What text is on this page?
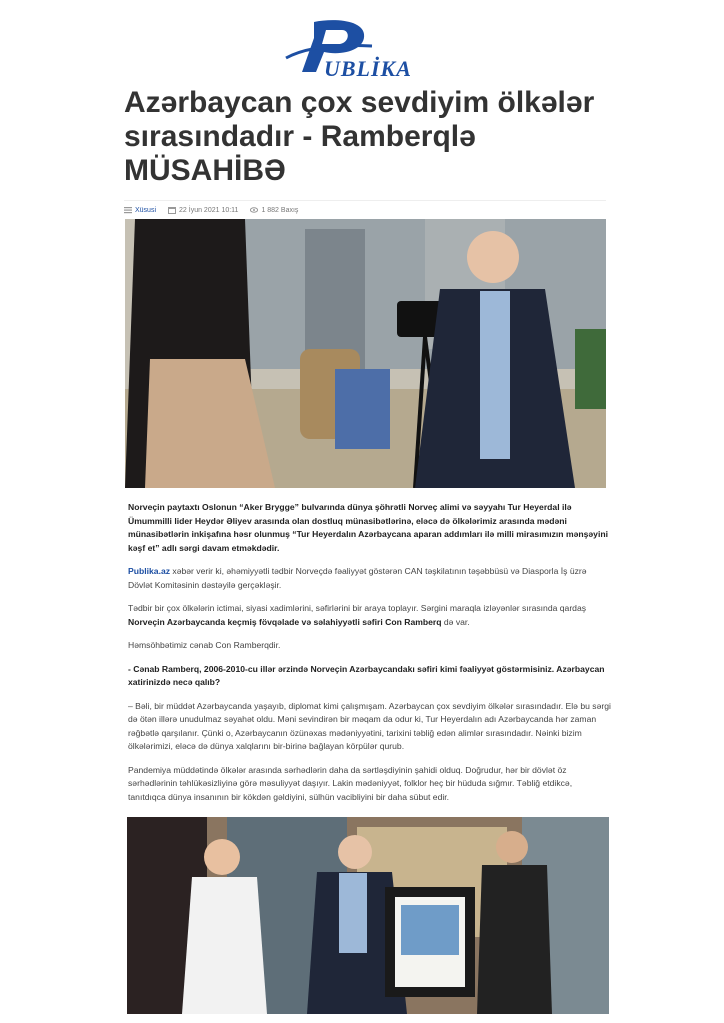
UBLİKA
Azərbaycan çox sevdiyim ölkələr sırasındadır - Ramberqlə MÜSAHİBƏ
Xüsusi	22 İyun 2021 10:11	1 882 Baxış

Norveçin paytaxtı Oslonun “Aker Brygge” bulvarında dünya şöhrətli Norveç alimi və səyyahı Tur Heyerdal ilə Ümummilli lider Heydər Əliyev arasında olan dostluq münasibətlərinə, eləcə də ölkələrimiz arasında mədəni münasibətlərin inkişafına həsr olunmuş “Tur Heyerdalın Azərbaycana aparan addımları ilə milli mirasımızın mənşəyini kəşf et” adlı sərgi davam etməkdədir.

Publika.az xəbər verir ki, əhəmiyyətli tədbir Norveçdə fəaliyyət göstərən CAN təşkilatının təşəbbüsü və Diasporla İş üzrə Dövlət Komitəsinin dəstəyilə gerçəkləşir.

Tədbir bir çox ölkələrin ictimai, siyasi xadimlərini, səfirlərini bir araya toplayır. Sərgini maraqla izləyənlər sırasında qardaş Norveçin Azərbaycanda keçmiş fövqəlade və səlahiyyətli səfiri Con Ramberq də var.

Həmsöhbətimiz cənab Con Ramberqdir.

- Cənab Ramberq, 2006-2010-cu illər ərzində Norveçin Azərbaycandakı səfiri kimi fəaliyyət göstərmisiniz. Azərbaycan xatirinizdə necə qalıb?

– Bəli, bir müddət Azərbaycanda yaşayıb, diplomat kimi çalışmışam. Azərbaycan çox sevdiyim ölkələr sırasındadır. Elə bu sərgi də ötən illərə unudulmaz səyahət oldu. Məni sevindirən bir məqam da odur ki, Tur Heyerdalın adı Azərbaycanda hər zaman rəğbətlə qarşılanır. Çünki o, Azərbaycanın özünəxas mədəniyyətini, tarixini təbliğ edən alimlər sırasındadır. Nəinki bizim ölkələrimizi, eləcə də dünya xalqlarını bir-birinə bağlayan körpülər qurub.

Pandemiya müddətində ölkələr arasında sərhədlərin daha da sərtləşdiyinin şahidi olduq. Doğrudur, hər bir dövlət öz sərhədlərinin təhlükəsizliyinə görə məsuliyyət daşıyır. Lakin mədəniyyət, folklor heç bir hüduda sığmır. Təbliğ etdikcə, tanıtdıqca dünya insanının bir kökdən gəldiyini, sülhün vacibliyini bir daha sübut edir.
